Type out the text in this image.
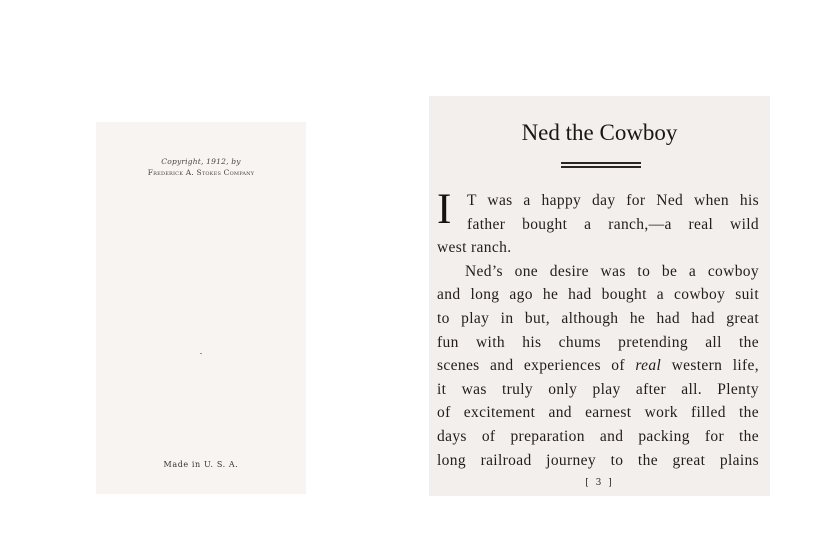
Copyright, 1912, by
Frederick A. Stokes Company
Made in U. S. A.
Ned the Cowboy
I T was a happy day for Ned when his
father bought a ranch,—a real wild
west ranch.
Ned’s one desire was to be a cowboy
and long ago he had bought a cowboy suit
to play in but, although he had had great
fun with his chums pretending all the
scenes and experiences of real western life,
it was truly only play after all. Plenty
of excitement and earnest work filled the
days of preparation and packing for the
long railroad journey to the great plains
[ 3 ]
